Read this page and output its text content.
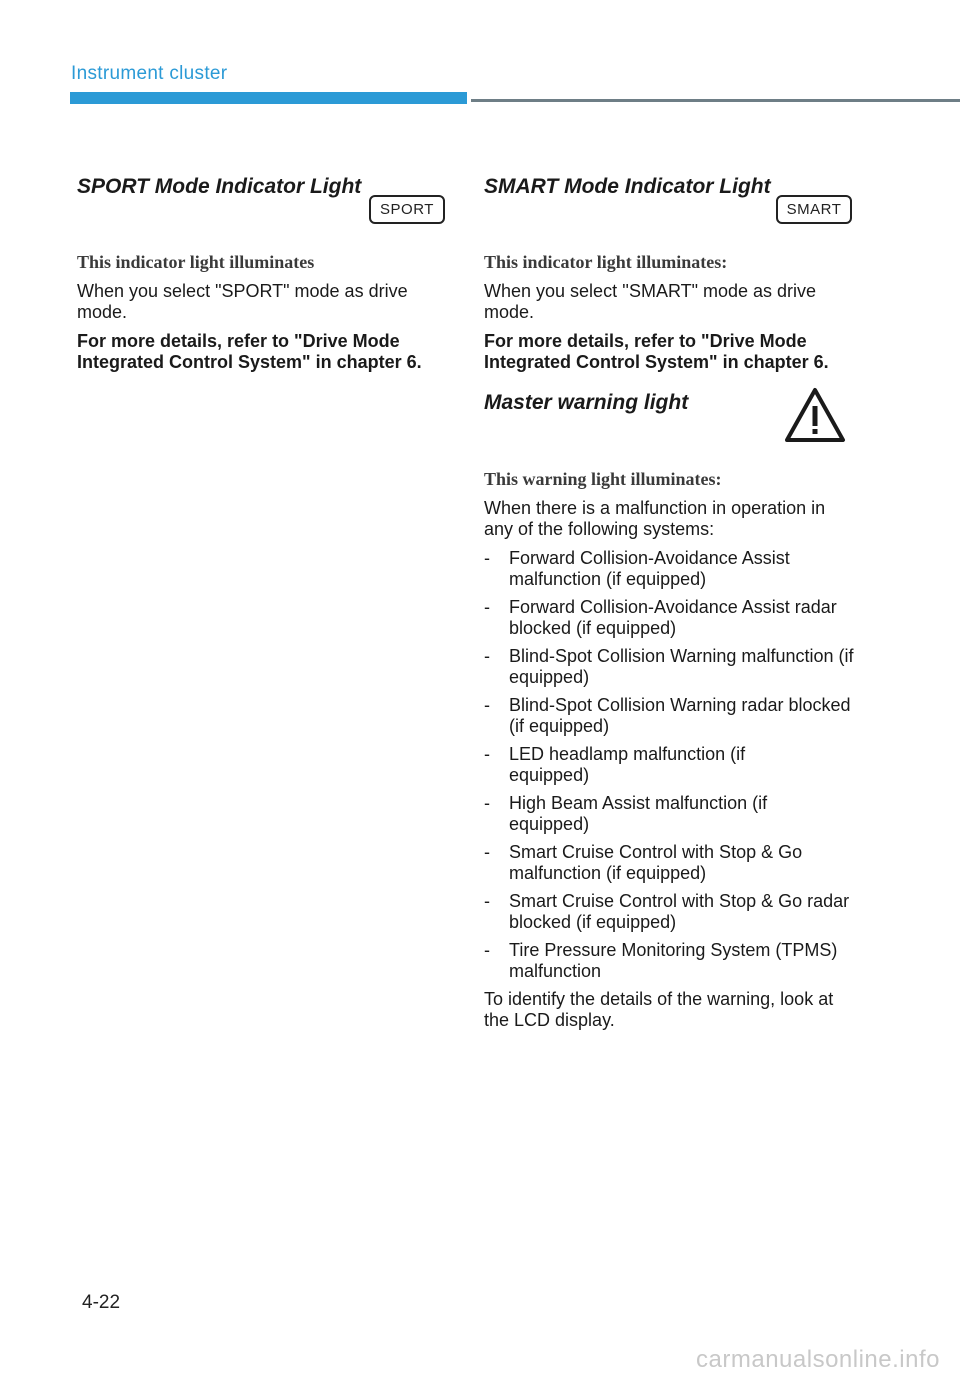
Instrument cluster
SPORT Mode Indicator Light
SPORT

This indicator light illuminates

When you select "SPORT" mode as drive mode.

For more details, refer to "Drive Mode Integrated Control System" in chapter 6.

SMART Mode Indicator Light
SMART

This indicator light illuminates:

When you select ''SMART" mode as drive mode.

For more details, refer to "Drive Mode Integrated Control System" in chapter 6.

Master warning light

This warning light illuminates:

When there is a malfunction in operation in any of the following systems:

- Forward Collision-Avoidance Assist malfunction (if equipped)
- Forward Collision-Avoidance Assist radar blocked (if equipped)
- Blind-Spot Collision Warning malfunction (if equipped)
- Blind-Spot Collision Warning radar blocked (if equipped)
- LED headlamp malfunction (if equipped)
- High Beam Assist malfunction (if equipped)
- Smart Cruise Control with Stop & Go malfunction (if equipped)
- Smart Cruise Control with Stop & Go radar blocked (if equipped)
- Tire Pressure Monitoring System (TPMS) malfunction

To identify the details of the warning, look at the LCD display.

4-22
carmanualsonline.info
